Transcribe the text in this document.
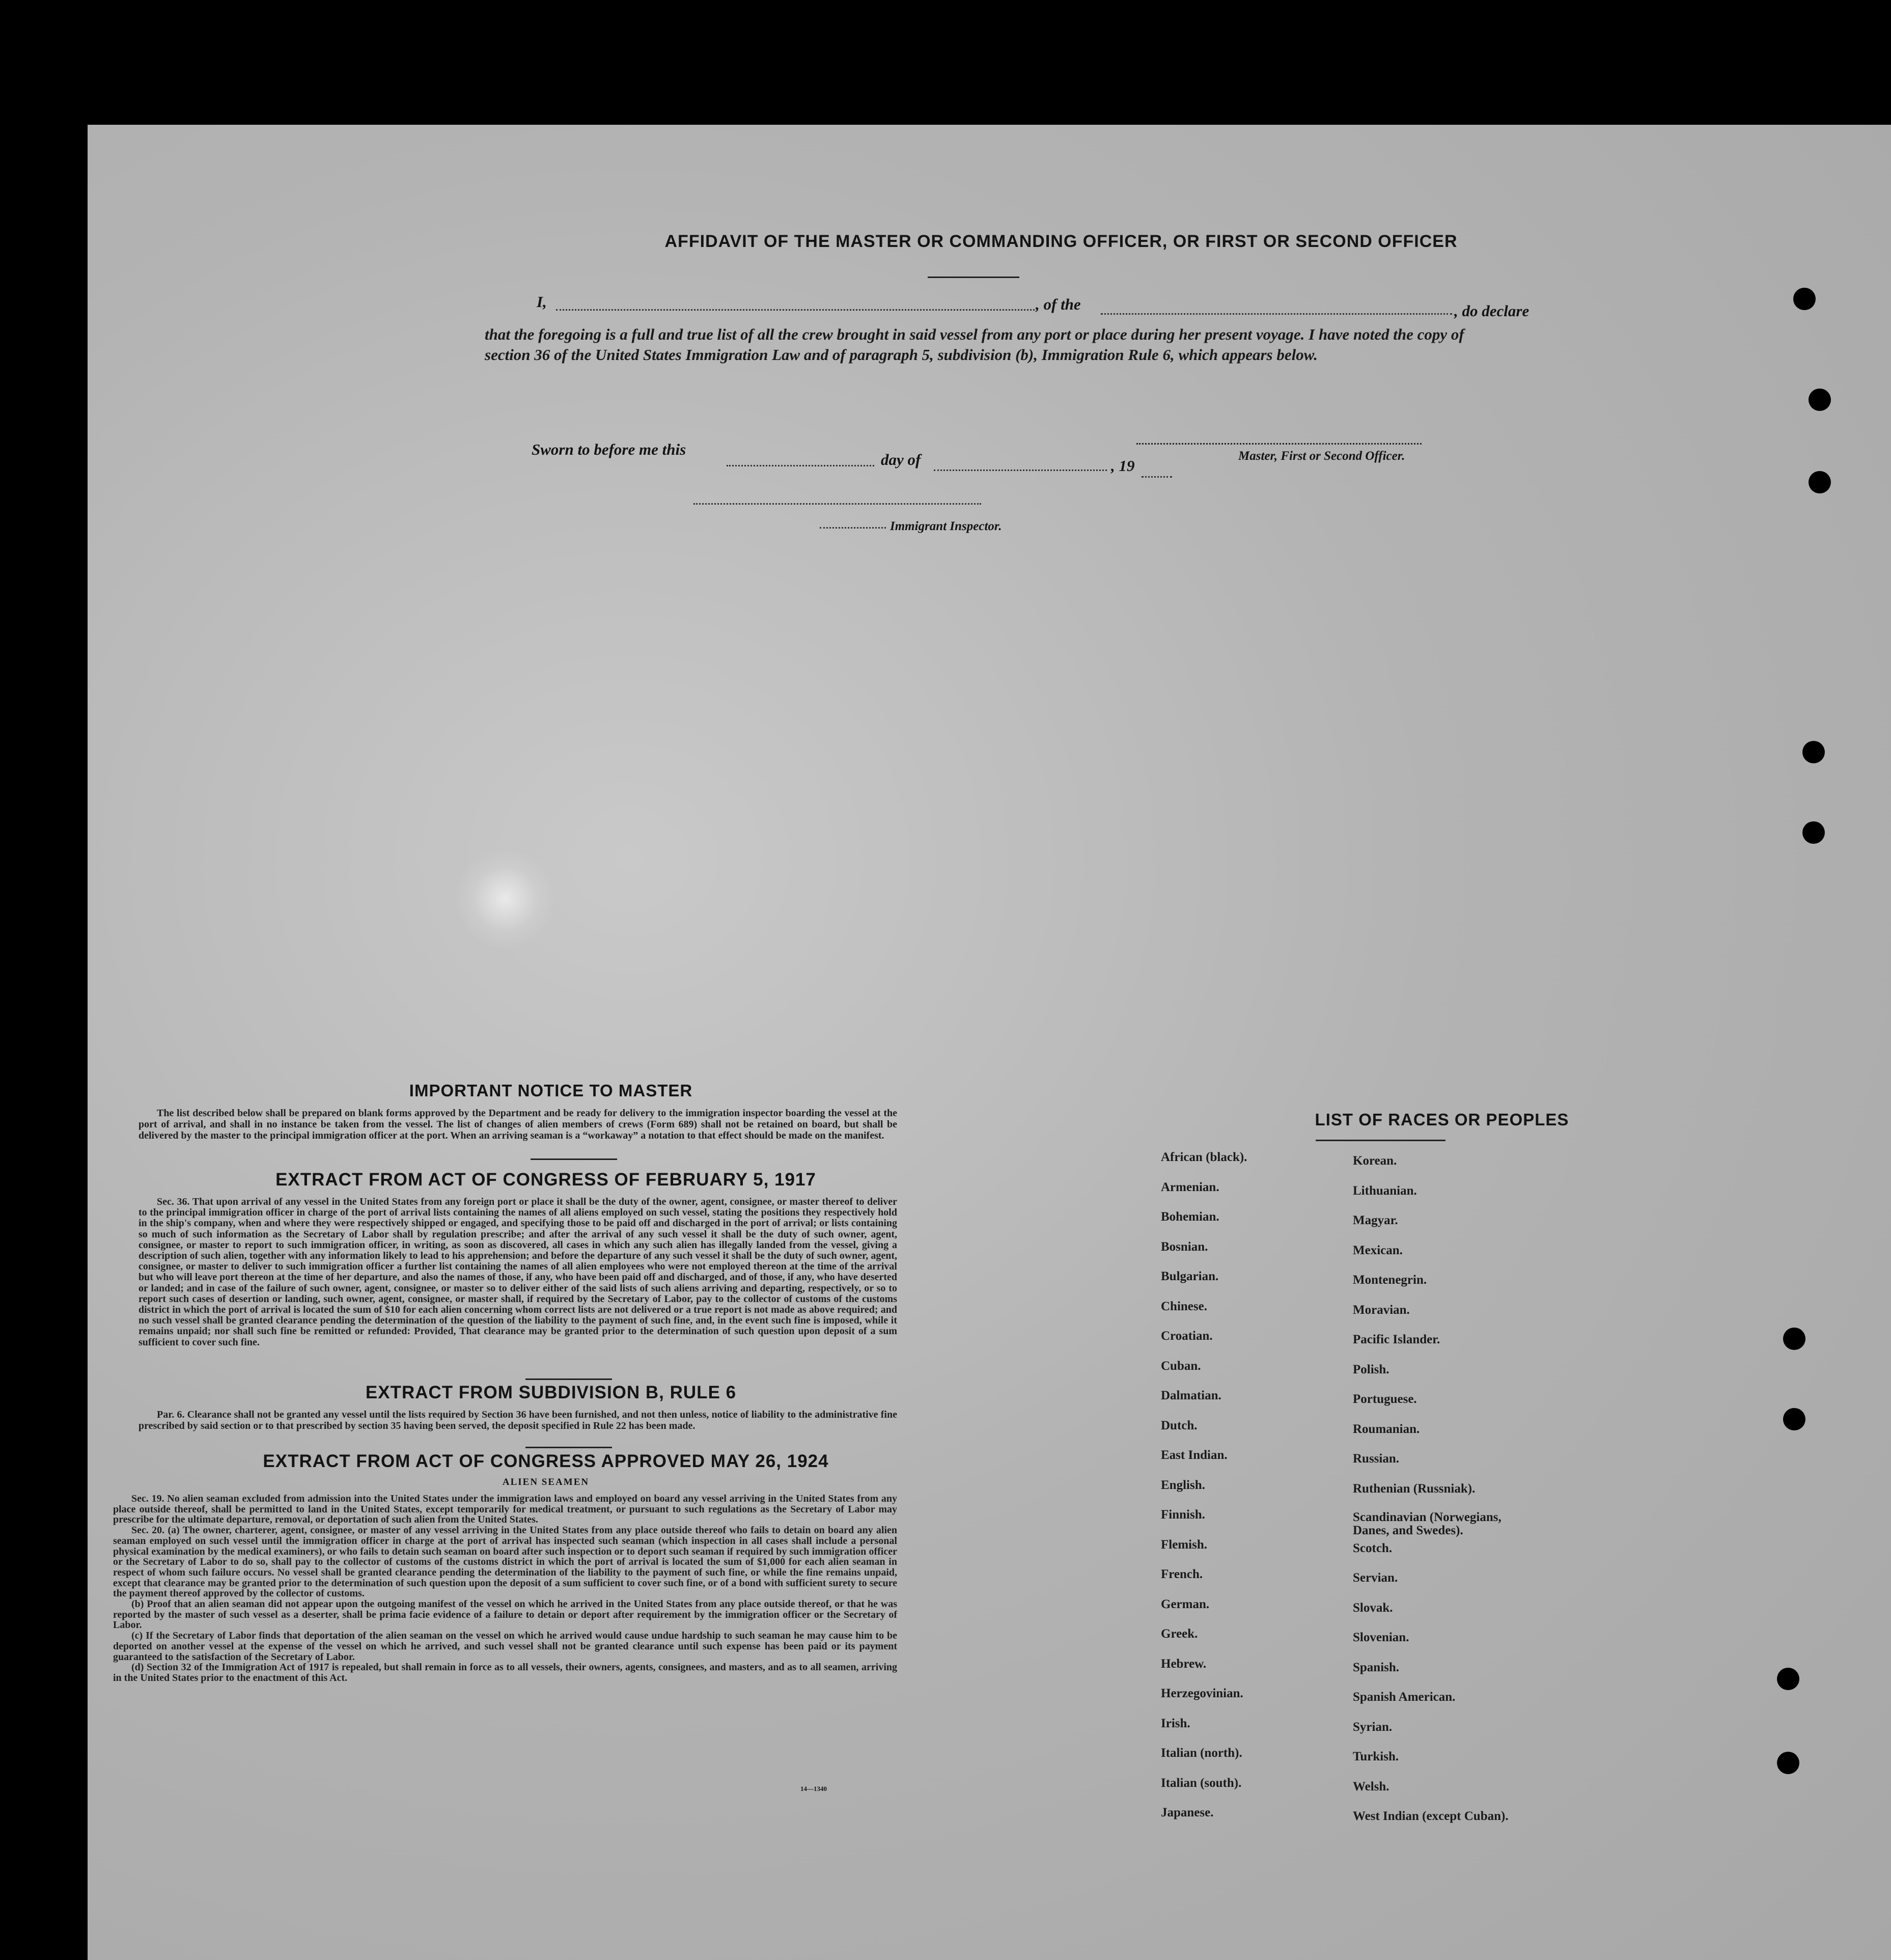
AFFIDAVIT OF THE MASTER OR COMMANDING OFFICER, OR FIRST OR SECOND OFFICER
I,	, of the	, do declare
that the foregoing is a full and true list of all the crew brought in said vessel from any port or place during her present voyage. I have noted the copy of section 36 of the United States Immigration Law and of paragraph 5, subdivision (b), Immigration Rule 6, which appears below.
Sworn to before me this
day of	, 19
Master, First or Second Officer.
Immigrant Inspector.
IMPORTANT NOTICE TO MASTER

The list described below shall be prepared on blank forms approved by the Department and be ready for delivery to the immigration inspector boarding the vessel at the port of arrival, and shall in no instance be taken from the vessel. The list of changes of alien members of crews (Form 689) shall not be retained on board, but shall be delivered by the master to the principal immigration officer at the port. When an arriving seaman is a “workaway” a notation to that effect should be made on the manifest.

EXTRACT FROM ACT OF CONGRESS OF FEBRUARY 5, 1917

Sec. 36. That upon arrival of any vessel in the United States from any foreign port or place it shall be the duty of the owner, agent, consignee, or master thereof to deliver to the principal immigration officer in charge of the port of arrival lists containing the names of all aliens employed on such vessel, stating the positions they respectively hold in the ship's company, when and where they were respectively shipped or engaged, and specifying those to be paid off and discharged in the port of arrival; or lists containing so much of such information as the Secretary of Labor shall by regulation prescribe; and after the arrival of any such vessel it shall be the duty of such owner, agent, consignee, or master to report to such immigration officer, in writing, as soon as discovered, all cases in which any such alien has illegally landed from the vessel, giving a description of such alien, together with any information likely to lead to his apprehension; and before the departure of any such vessel it shall be the duty of such owner, agent, consignee, or master to deliver to such immigration officer a further list containing the names of all alien employees who were not employed thereon at the time of the arrival but who will leave port thereon at the time of her departure, and also the names of those, if any, who have been paid off and discharged, and of those, if any, who have deserted or landed; and in case of the failure of such owner, agent, consignee, or master so to deliver either of the said lists of such aliens arriving and departing, respectively, or so to report such cases of desertion or landing, such owner, agent, consignee, or master shall, if required by the Secretary of Labor, pay to the collector of customs of the customs district in which the port of arrival is located the sum of $10 for each alien concerning whom correct lists are not delivered or a true report is not made as above required; and no such vessel shall be granted clearance pending the determination of the question of the liability to the payment of such fine, and, in the event such fine is imposed, while it remains unpaid; nor shall such fine be remitted or refunded: Provided, That clearance may be granted prior to the determination of such question upon deposit of a sum sufficient to cover such fine.

EXTRACT FROM SUBDIVISION B, RULE 6

Par. 6. Clearance shall not be granted any vessel until the lists required by Section 36 have been furnished, and not then unless, notice of liability to the administrative fine prescribed by said section or to that prescribed by section 35 having been served, the deposit specified in Rule 22 has been made.

EXTRACT FROM ACT OF CONGRESS APPROVED MAY 26, 1924
ALIEN SEAMEN

Sec. 19. No alien seaman excluded from admission into the United States under the immigration laws and employed on board any vessel arriving in the United States from any place outside thereof, shall be permitted to land in the United States, except temporarily for medical treatment, or pursuant to such regulations as the Secretary of Labor may prescribe for the ultimate departure, removal, or deportation of such alien from the United States.

Sec. 20. (a) The owner, charterer, agent, consignee, or master of any vessel arriving in the United States from any place outside thereof who fails to detain on board any alien seaman employed on such vessel until the immigration officer in charge at the port of arrival has inspected such seaman (which inspection in all cases shall include a personal physical examination by the medical examiners), or who fails to detain such seaman on board after such inspection or to deport such seaman if required by such immigration officer or the Secretary of Labor to do so, shall pay to the collector of customs of the customs district in which the port of arrival is located the sum of $1,000 for each alien seaman in respect of whom such failure occurs. No vessel shall be granted clearance pending the determination of the liability to the payment of such fine, or while the fine remains unpaid, except that clearance may be granted prior to the determination of such question upon the deposit of a sum sufficient to cover such fine, or of a bond with sufficient surety to secure the payment thereof approved by the collector of customs.

(b) Proof that an alien seaman did not appear upon the outgoing manifest of the vessel on which he arrived in the United States from any place outside thereof, or that he was reported by the master of such vessel as a deserter, shall be prima facie evidence of a failure to detain or deport after requirement by the immigration officer or the Secretary of Labor.

(c) If the Secretary of Labor finds that deportation of the alien seaman on the vessel on which he arrived would cause undue hardship to such seaman he may cause him to be deported on another vessel at the expense of the vessel on which he arrived, and such vessel shall not be granted clearance until such expense has been paid or its payment guaranteed to the satisfaction of the Secretary of Labor.

(d) Section 32 of the Immigration Act of 1917 is repealed, but shall remain in force as to all vessels, their owners, agents, consignees, and masters, and as to all seamen, arriving in the United States prior to the enactment of this Act.

14—1340
LIST OF RACES OR PEOPLES
African (black).
Armenian.
Bohemian.
Bosnian.
Bulgarian.
Chinese.
Croatian.
Cuban.
Dalmatian.
Dutch.
East Indian.
English.
Finnish.
Flemish.
French.
German.
Greek.
Hebrew.
Herzegovinian.
Irish.
Italian (north).
Italian (south).
Japanese.
Korean.
Lithuanian.
Magyar.
Mexican.
Montenegrin.
Moravian.
Pacific Islander.
Polish.
Portuguese.
Roumanian.
Russian.
Ruthenian (Russniak).
Scandinavian (Norwegians, Danes, and Swedes).
Scotch.
Servian.
Slovak.
Slovenian.
Spanish.
Spanish American.
Syrian.
Turkish.
Welsh.
West Indian (except Cuban).
